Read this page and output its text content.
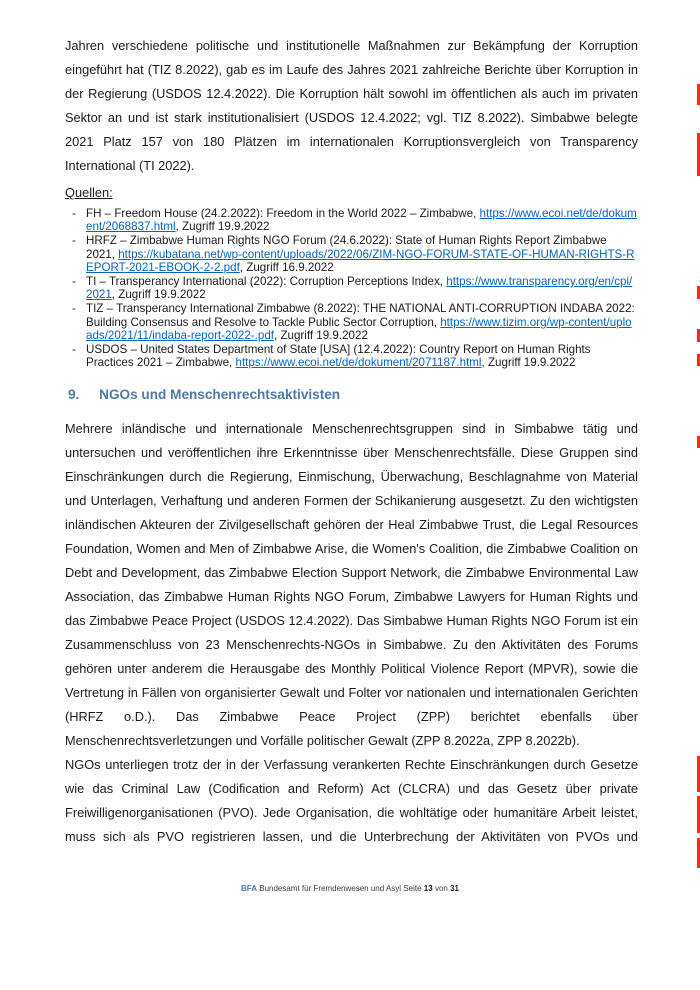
Jahren verschiedene politische und institutionelle Maßnahmen zur Bekämpfung der Korruption eingeführt hat (TIZ 8.2022), gab es im Laufe des Jahres 2021 zahlreiche Berichte über Korruption in der Regierung (USDOS 12.4.2022). Die Korruption hält sowohl im öffentlichen als auch im privaten Sektor an und ist stark institutionalisiert (USDOS 12.4.2022; vgl. TIZ 8.2022). Simbabwe belegte 2021 Platz 157 von 180 Plätzen im internationalen Korruptionsvergleich von Transparency International (TI 2022).

Quellen:

- FH – Freedom House (24.2.2022): Freedom in the World 2022 – Zimbabwe, https://www.ecoi.net/de/dokument/2068837.html, Zugriff 19.9.2022
- HRFZ – Zimbabwe Human Rights NGO Forum (24.6.2022): State of Human Rights Report Zimbabwe 2021, https://kubatana.net/wp-content/uploads/2022/06/ZIM-NGO-FORUM-STATE-OF-HUMAN-RIGHTS-REPORT-2021-EBOOK-2-2.pdf, Zugriff 16.9.2022
- TI – Transperancy International (2022): Corruption Perceptions Index, https://www.transparency.org/en/cpi/2021, Zugriff 19.9.2022
- TIZ – Transperancy International Zimbabwe (8.2022): THE NATIONAL ANTI-CORRUPTION INDABA 2022: Building Consensus and Resolve to Tackle Public Sector Corruption, https://www.tizim.org/wp-content/uploads/2021/11/indaba-report-2022-.pdf, Zugriff 19.9.2022
- USDOS – United States Department of State [USA] (12.4.2022): Country Report on Human Rights Practices 2021 – Zimbabwe, https://www.ecoi.net/de/dokument/2071187.html, Zugriff 19.9.2022
9. NGOs und Menschenrechtsaktivisten

Mehrere inländische und internationale Menschenrechtsgruppen sind in Simbabwe tätig und untersuchen und veröffentlichen ihre Erkenntnisse über Menschenrechtsfälle. Diese Gruppen sind Einschränkungen durch die Regierung, Einmischung, Überwachung, Beschlagnahme von Material und Unterlagen, Verhaftung und anderen Formen der Schikanierung ausgesetzt. Zu den wichtigsten inländischen Akteuren der Zivilgesellschaft gehören der Heal Zimbabwe Trust, die Legal Resources Foundation, Women and Men of Zimbabwe Arise, die Women's Coalition, die Zimbabwe Coalition on Debt and Development, das Zimbabwe Election Support Network, die Zimbabwe Environmental Law Association, das Zimbabwe Human Rights NGO Forum, Zimbabwe Lawyers for Human Rights und das Zimbabwe Peace Project (USDOS 12.4.2022). Das Simbabwe Human Rights NGO Forum ist ein Zusammenschluss von 23 Menschenrechts-NGOs in Simbabwe. Zu den Aktivitäten des Forums gehören unter anderem die Herausgabe des Monthly Political Violence Report (MPVR), sowie die Vertretung in Fällen von organisierter Gewalt und Folter vor nationalen und internationalen Gerichten (HRFZ o.D.). Das Zimbabwe Peace Project (ZPP) berichtet ebenfalls über Menschenrechtsverletzungen und Vorfälle politischer Gewalt (ZPP 8.2022a, ZPP 8.2022b).

NGOs unterliegen trotz der in der Verfassung verankerten Rechte Einschränkungen durch Gesetze wie das Criminal Law (Codification and Reform) Act (CLCRA) und das Gesetz über private Freiwilligenorganisationen (PVO). Jede Organisation, die wohltätige oder humanitäre Arbeit leistet, muss sich als PVO registrieren lassen, und die Unterbrechung der Aktivitäten von PVOs und

BFA Bundesamt für Fremdenwesen und Asyl Seite 13 von 31
